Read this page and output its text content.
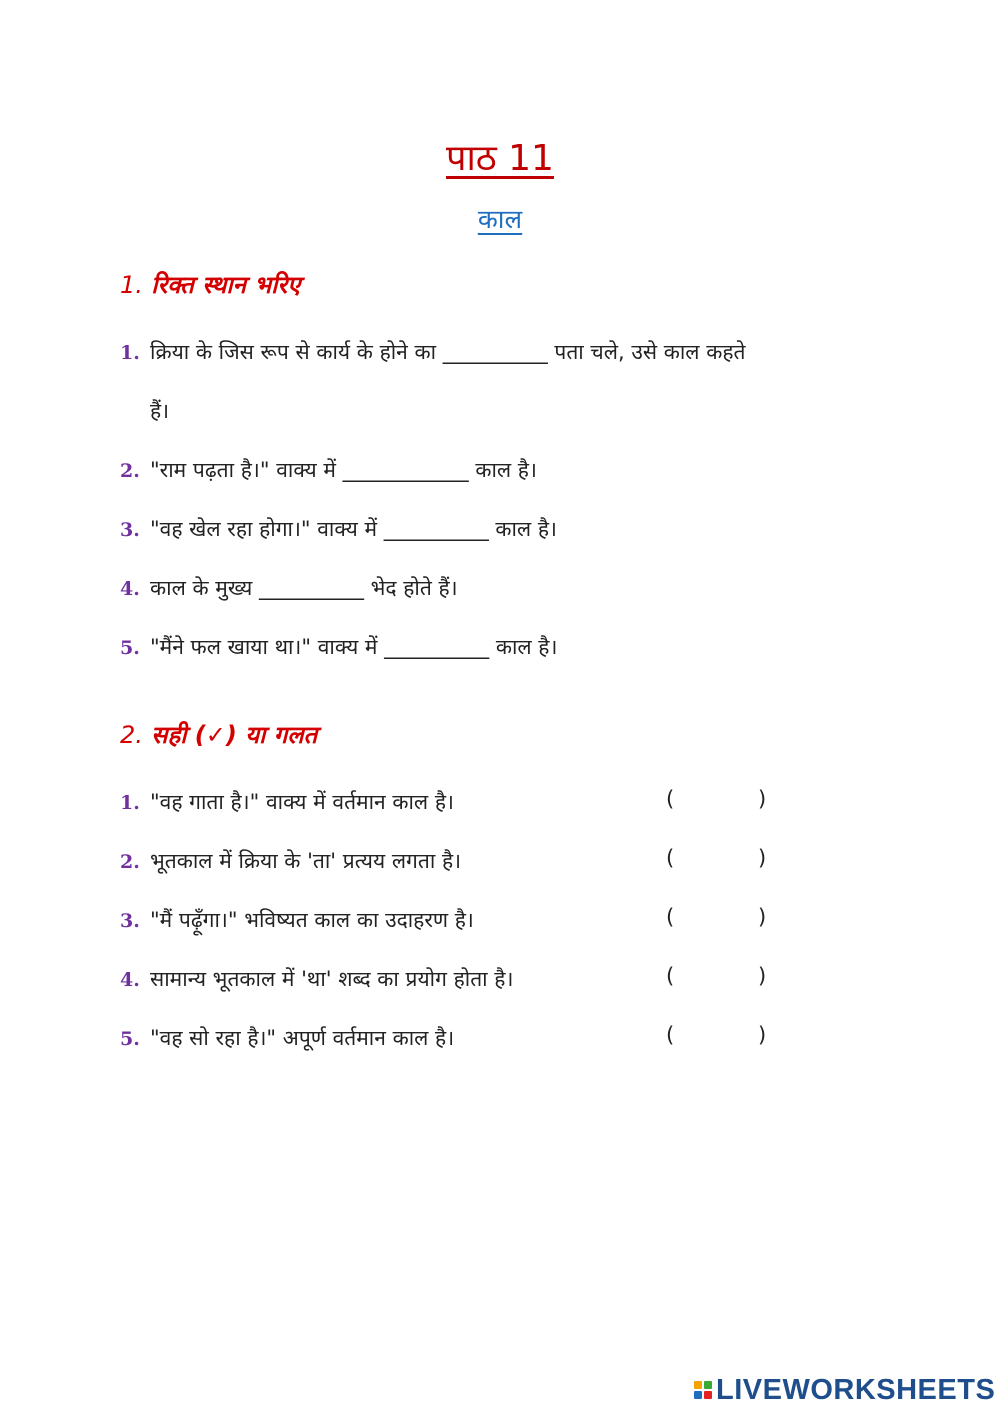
पाठ 11
काल
1. रिक्त स्थान भरिए
1. क्रिया के जिस रूप से कार्य के होने का __________ पता चले, उसे काल कहते
हैं।
2. "राम पढ़ता है।" वाक्य में ____________ काल है।
3. "वह खेल रहा होगा।" वाक्य में __________ काल है।
4. काल के मुख्य __________ भेद होते हैं।
5. "मैंने फल खाया था।" वाक्य में __________ काल है।
2. सही (✓) या गलत
1. "वह गाता है।" वाक्य में वर्तमान काल है।	(	)
2. भूतकाल में क्रिया के 'ता' प्रत्यय लगता है।	(	)
3. "मैं पढ़ूँगा।" भविष्यत काल का उदाहरण है।	(	)
4. सामान्य भूतकाल में 'था' शब्द का प्रयोग होता है।	(	)
5. "वह सो रहा है।" अपूर्ण वर्तमान काल है।	(	)
LIVEWORKSHEETS
